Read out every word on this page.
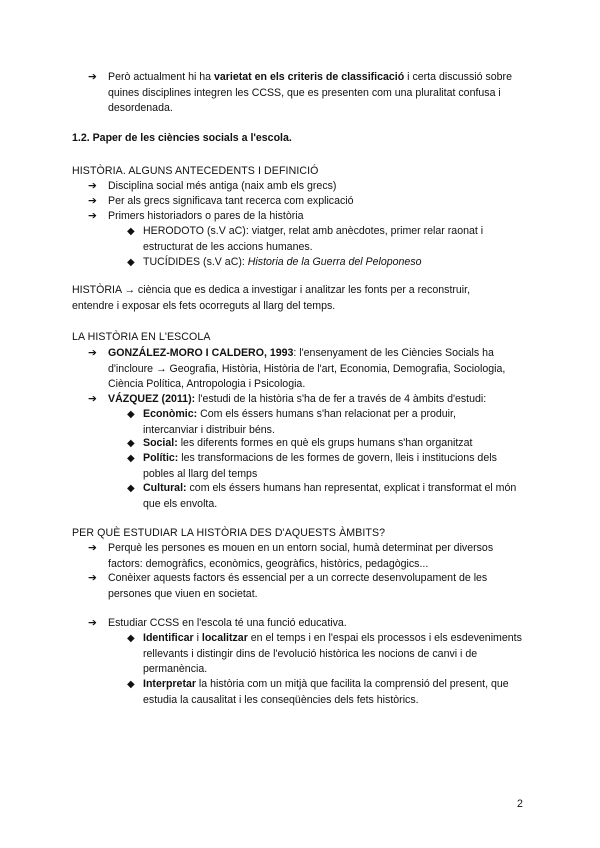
➔	Però actualment hi ha varietat en els criteris de classificació i certa discussió sobre quines disciplines integren les CCSS, que es presenten com una pluralitat confusa i desordenada.
1.2. Paper de les ciències socials a l'escola.
HISTÒRIA. ALGUNS ANTECEDENTS I DEFINICIÓ
➔	Disciplina social més antiga (naix amb els grecs)
➔	Per als grecs significava tant recerca com explicació
➔	Primers historiadors o pares de la història
◆ HERODOTO (s.V aC): viatger, relat amb anècdotes, primer relar raonat i estructurat de les accions humanes.
◆ TUCÍDIDES (s.V aC): Historia de la Guerra del Peloponeso
HISTÒRIA → ciència que es dedica a investigar i analitzar les fonts per a reconstruir, entendre i exposar els fets ocorreguts al llarg del temps.
LA HISTÒRIA EN L'ESCOLA
➔	GONZÁLEZ-MORO I CALDERO, 1993: l'ensenyament de les Ciències Socials ha d'incloure → Geografia, Història, Història de l'art, Economia, Demografia, Sociologia, Ciència Política, Antropologia i Psicologia.
➔	VÁZQUEZ (2011): l'estudi de la història s'ha de fer a través de 4 àmbits d'estudi:
◆ Econòmic: Com els éssers humans s'han relacionat per a produir, intercanviar i distribuir béns.
◆ Social: les diferents formes en què els grups humans s'han organitzat
◆ Polític: les transformacions de les formes de govern, lleis i institucions dels pobles al llarg del temps
◆ Cultural: com els éssers humans han representat, explicat i transformat el món que els envolta.
PER QUÈ ESTUDIAR LA HISTÒRIA DES D'AQUESTS ÀMBITS?
➔	Perquè les persones es mouen en un entorn social, humà determinat per diversos factors: demogràfics, econòmics, geogràfics, històrics, pedagògics...
➔	Conèixer aquests factors és essencial per a un correcte desenvolupament de les persones que viuen en societat.
➔	Estudiar CCSS en l'escola té una funció educativa.
◆ Identificar i localitzar en el temps i en l'espai els processos i els esdeveniments rellevants i distingir dins de l'evolució històrica les nocions de canvi i de permanència.
◆ Interpretar la història com un mitjà que facilita la comprensió del present, que estudia la causalitat i les conseqüències dels fets històrics.
2
